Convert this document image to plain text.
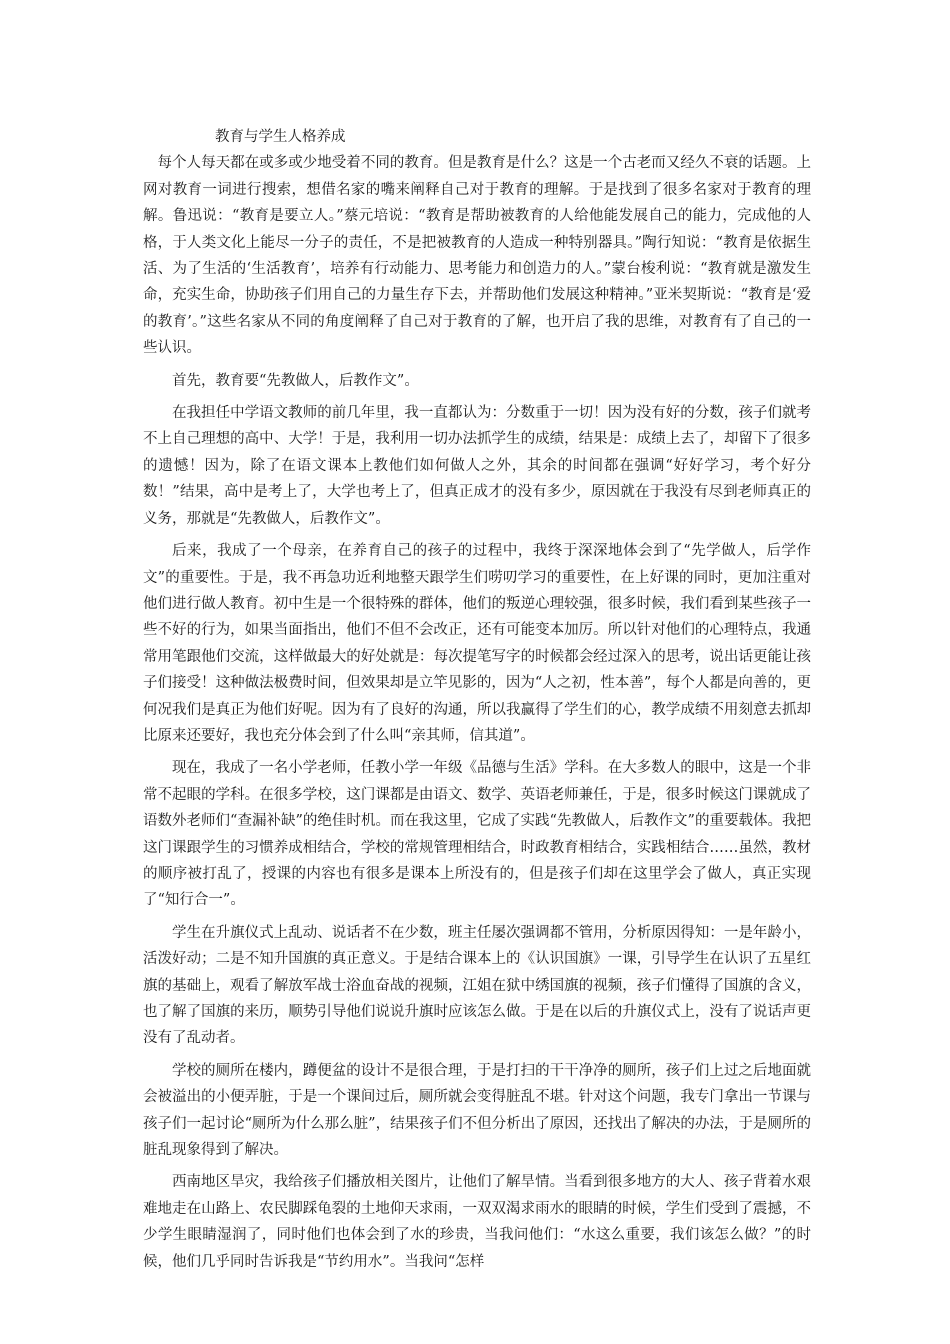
教育与学生人格养成

每个人每天都在或多或少地受着不同的教育。但是教育是什么？这是一个古老而又经久不衰的话题。上网对教育一词进行搜索，想借名家的嘴来阐释自己对于教育的理解。于是找到了很多名家对于教育的理解。鲁迅说：“教育是要立人。”蔡元培说：“教育是帮助被教育的人给他能发展自己的能力，完成他的人格，于人类文化上能尽一分子的责任，不是把被教育的人造成一种特别器具。”陶行知说：“教育是依据生活、为了生活的‘生活教育’，培养有行动能力、思考能力和创造力的人。”蒙台梭利说：“教育就是激发生命，充实生命，协助孩子们用自己的力量生存下去，并帮助他们发展这种精神。”亚米契斯说：“教育是‘爱的教育’。”这些名家从不同的角度阐释了自己对于教育的了解，也开启了我的思维，对教育有了自己的一些认识。

首先，教育要“先教做人，后教作文”。

在我担任中学语文教师的前几年里，我一直都认为：分数重于一切！因为没有好的分数，孩子们就考不上自己理想的高中、大学！于是，我利用一切办法抓学生的成绩，结果是：成绩上去了，却留下了很多的遗憾！因为，除了在语文课本上教他们如何做人之外，其余的时间都在强调“好好学习，考个好分数！”结果，高中是考上了，大学也考上了，但真正成才的没有多少，原因就在于我没有尽到老师真正的义务，那就是“先教做人，后教作文”。

后来，我成了一个母亲，在养育自己的孩子的过程中，我终于深深地体会到了“先学做人，后学作文”的重要性。于是，我不再急功近利地整天跟学生们唠叨学习的重要性，在上好课的同时，更加注重对他们进行做人教育。初中生是一个很特殊的群体，他们的叛逆心理较强，很多时候，我们看到某些孩子一些不好的行为，如果当面指出，他们不但不会改正，还有可能变本加厉。所以针对他们的心理特点，我通常用笔跟他们交流，这样做最大的好处就是：每次提笔写字的时候都会经过深入的思考，说出话更能让孩子们接受！这种做法极费时间，但效果却是立竿见影的，因为“人之初，性本善”，每个人都是向善的，更何况我们是真正为他们好呢。因为有了良好的沟通，所以我赢得了学生们的心，教学成绩不用刻意去抓却比原来还要好，我也充分体会到了什么叫“亲其师，信其道”。

现在，我成了一名小学老师，任教小学一年级《品德与生活》学科。在大多数人的眼中，这是一个非常不起眼的学科。在很多学校，这门课都是由语文、数学、英语老师兼任，于是，很多时候这门课就成了语数外老师们“查漏补缺”的绝佳时机。而在我这里，它成了实践“先教做人，后教作文”的重要载体。我把这门课跟学生的习惯养成相结合，学校的常规管理相结合，时政教育相结合，实践相结合……虽然，教材的顺序被打乱了，授课的内容也有很多是课本上所没有的，但是孩子们却在这里学会了做人，真正实现了“知行合一”。

学生在升旗仪式上乱动、说话者不在少数，班主任屡次强调都不管用，分析原因得知：一是年龄小，活泼好动；二是不知升国旗的真正意义。于是结合课本上的《认识国旗》一课，引导学生在认识了五星红旗的基础上，观看了解放军战士浴血奋战的视频，江姐在狱中绣国旗的视频，孩子们懂得了国旗的含义，也了解了国旗的来历，顺势引导他们说说升旗时应该怎么做。于是在以后的升旗仪式上，没有了说话声更没有了乱动者。

学校的厕所在楼内，蹲便盆的设计不是很合理，于是打扫的干干净净的厕所，孩子们上过之后地面就会被溢出的小便弄脏，于是一个课间过后，厕所就会变得脏乱不堪。针对这个问题，我专门拿出一节课与孩子们一起讨论“厕所为什么那么脏”，结果孩子们不但分析出了原因，还找出了解决的办法，于是厕所的脏乱现象得到了解决。

西南地区旱灾，我给孩子们播放相关图片，让他们了解旱情。当看到很多地方的大人、孩子背着水艰难地走在山路上、农民脚踩龟裂的土地仰天求雨，一双双渴求雨水的眼睛的时候，学生们受到了震撼，不少学生眼睛湿润了，同时他们也体会到了水的珍贵，当我问他们：“水这么重要，我们该怎么做？”的时候，他们几乎同时告诉我是“节约用水”。当我问“怎样
